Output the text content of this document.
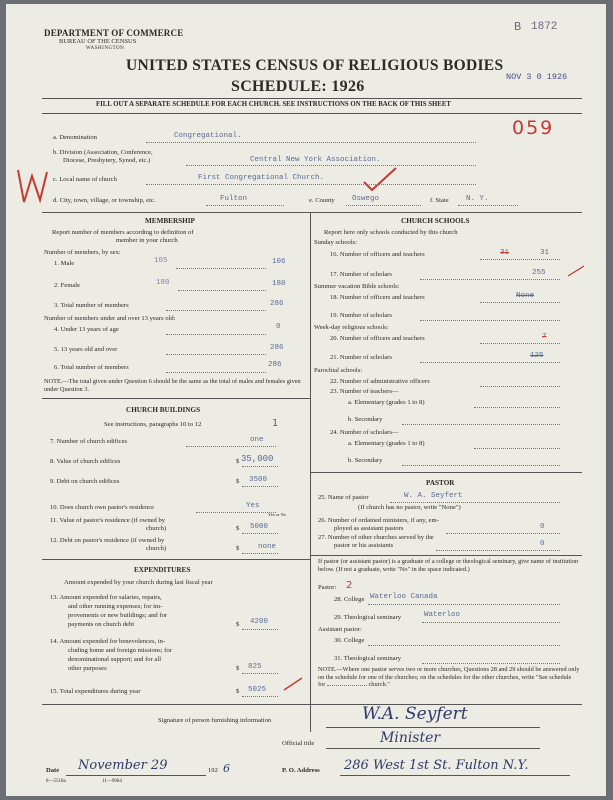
DEPARTMENT OF COMMERCE
BUREAU OF THE CENSUS
WASHINGTON
UNITED STATES CENSUS OF RELIGIOUS BODIES
SCHEDULE: 1926
FILL OUT A SEPARATE SCHEDULE FOR EACH CHURCH. SEE INSTRUCTIONS ON THE BACK OF THIS SHEET
B 1872
NOV 3 0 1926
059
a. Denomination	Congregational.
b. Division (Association, Conference,
Diocese, Presbytery, Synod, etc.)	Central New York Association.
c. Local name of church	First Congregational Church.
d. City, town, village, or township, etc.	Fulton	e. County Oswego	f. State N. Y.
MEMBERSHIP
Report number of members according to definition of
member in your church
Number of members, by sex:
1. Male	105	106
2. Female	180	180
3. Total number of members	286
Number of members under and over 13 years old:
4. Under 13 years of age	0
5. 13 years old and over	286
6. Total number of members	286
NOTE.—The total given under Question 6 should be the same as the total of males and females given under Question 3.
CHURCH BUILDINGS
See instructions, paragraphs 10 to 12	1
7. Number of church edifices	one
8. Value of church edifices	$ 35,000
9. Debt on church edifices	$ 3500
10. Does church own pastor's residence	Yes
Yes or No
11. Value of pastor's residence (if owned by
church)	$ 5000
12. Debt on pastor's residence (if owned by
church)	$ none
EXPENDITURES
Amount expended by your church during last fiscal year
13. Amount expended for salaries, repairs,
and other running expenses; for im-
provements or new buildings; and for
payments on church debt	$ 4200
14. Amount expended for benevolences, in-
cluding home and foreign missions; for
denominational support; and for all
other purposes	$ 825
15. Total expenditures during year	$ 5025
CHURCH SCHOOLS
Report here only schools conducted by this church
Sunday schools:
16. Number of officers and teachers	31	31
17. Number of scholars	255
Summer vacation Bible schools:
18. Number of officers and teachers	None
19. Number of scholars
Week-day religious schools:
20. Number of officers and teachers	7
21. Number of scholars	125
Parochial schools:
22. Number of administrative officers
23. Number of teachers—
a. Elementary (grades 1 to 8)
b. Secondary
24. Number of scholars—
a. Elementary (grades 1 to 8)
b. Secondary
PASTOR
25. Name of pastor	W. A. Seyfert
(If church has no pastor, write "None")
26. Number of ordained ministers, if any, em-
ployed as assistant pastors	0
27. Number of other churches served by the
pastor or his assistants	0
If pastor (or assistant pastor) is a graduate of a college or theological seminary, give name of institution below. (If not a graduate, write "No" in the space indicated.)
Pastor: 2
28. College Waterloo Canada
29. Theological seminary	Waterloo
Assistant pastor:
30. College
31. Theological seminary
NOTE.—Where one pastor serves two or more churches, Questions 28 and 29 should be answered only on the schedule for one of the churches; on the schedules for the other churches, write "See schedule for	church."
Signature of person furnishing information	W.A. Seyfert
Official title	Minister
Date November 29	192 6	P. O. Address 286 West 1st St. Fulton N.Y.
8—5518a	11—9064
